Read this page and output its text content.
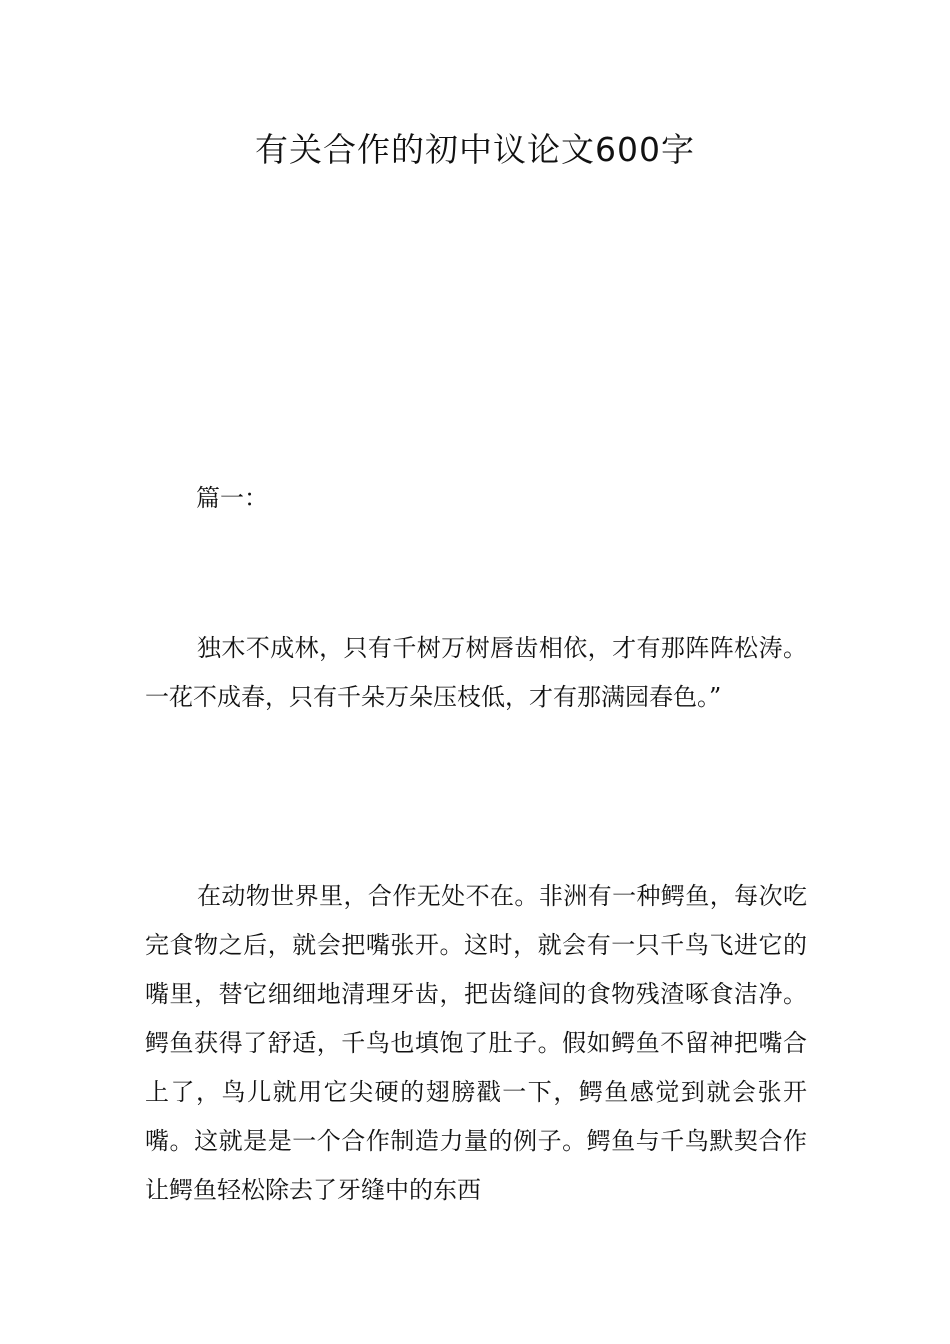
有关合作的初中议论文600字
篇一：

独木不成林，只有千树万树唇齿相依，才有那阵阵松涛。一花不成春，只有千朵万朵压枝低，才有那满园春色。”

在动物世界里，合作无处不在。非洲有一种鳄鱼，每次吃完食物之后，就会把嘴张开。这时，就会有一只千鸟飞进它的嘴里，替它细细地清理牙齿，把齿缝间的食物残渣啄食洁净。鳄鱼获得了舒适，千鸟也填饱了肚子。假如鳄鱼不留神把嘴合上了，鸟儿就用它尖硬的翅膀戳一下，鳄鱼感觉到就会张开嘴。这就是是一个合作制造力量的例子。鳄鱼与千鸟默契合作让鳄鱼轻松除去了牙缝中的东西
